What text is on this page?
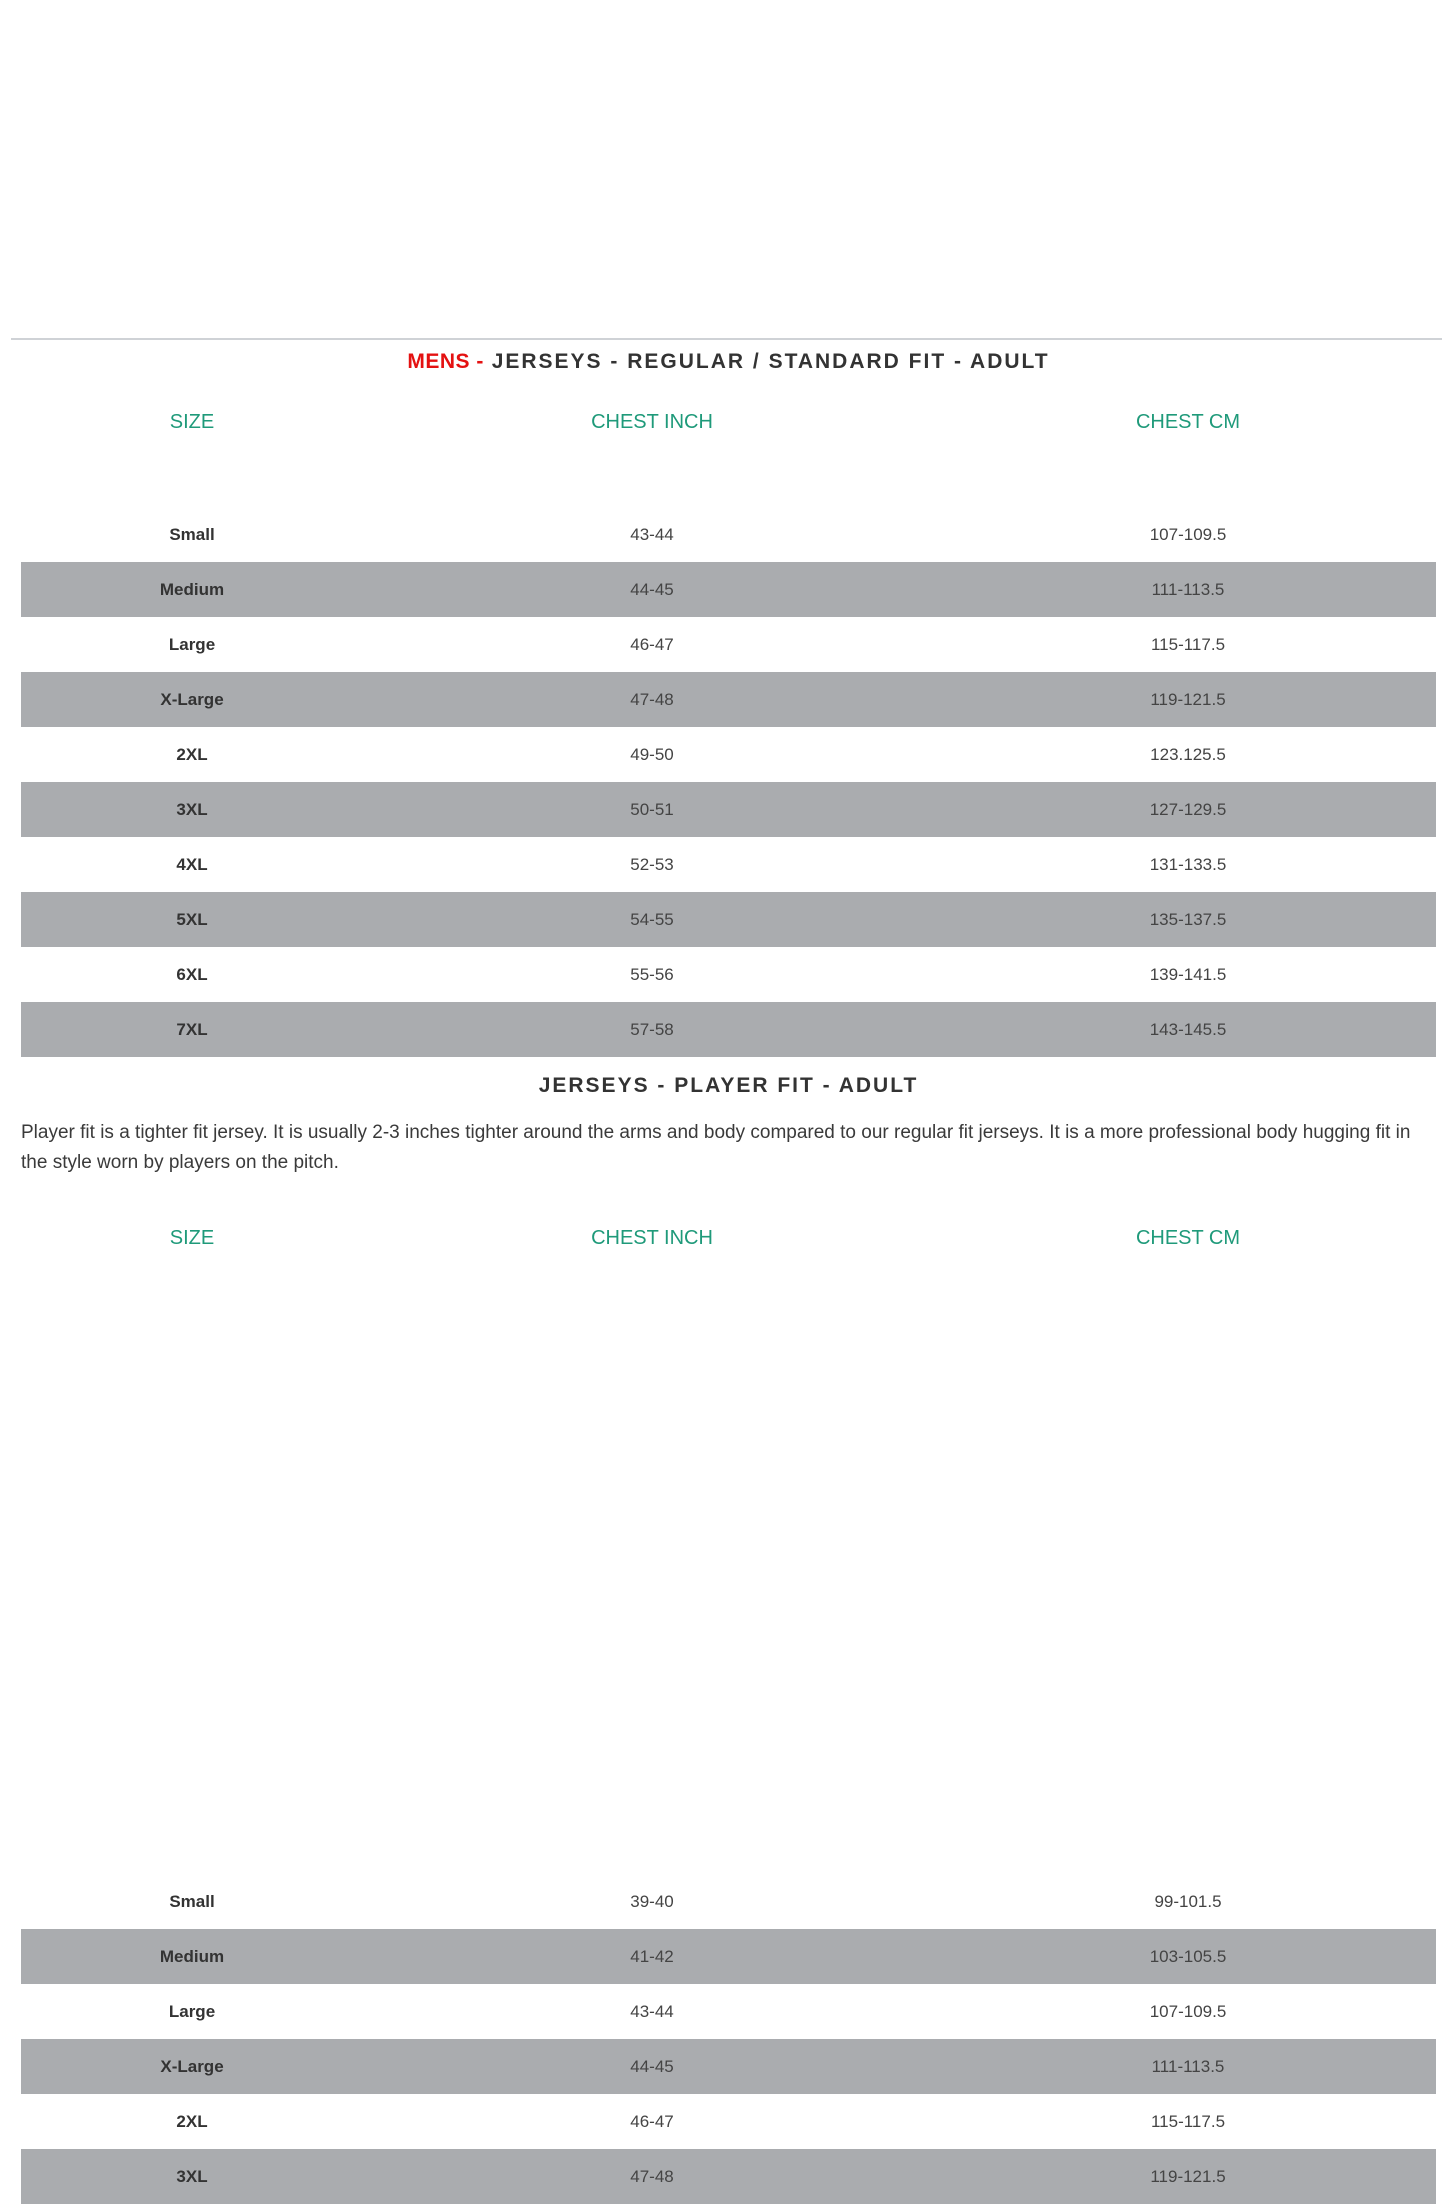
MENS - JERSEYS - REGULAR / STANDARD FIT - ADULT
SIZE	CHEST INCH	CHEST CM
Small	43-44	107-109.5
Medium	44-45	111-113.5
Large	46-47	115-117.5
X-Large	47-48	119-121.5
2XL	49-50	123.125.5
3XL	50-51	127-129.5
4XL	52-53	131-133.5
5XL	54-55	135-137.5
6XL	55-56	139-141.5
7XL	57-58	143-145.5
JERSEYS - PLAYER FIT - ADULT
Player fit is a tighter fit jersey. It is usually 2-3 inches tighter around the arms and body compared to our regular fit jerseys. It is a more professional body hugging fit in the style worn by players on the pitch.
SIZE	CHEST INCH	CHEST CM
Small	39-40	99-101.5
Medium	41-42	103-105.5
Large	43-44	107-109.5
X-Large	44-45	111-113.5
2XL	46-47	115-117.5
3XL	47-48	119-121.5
